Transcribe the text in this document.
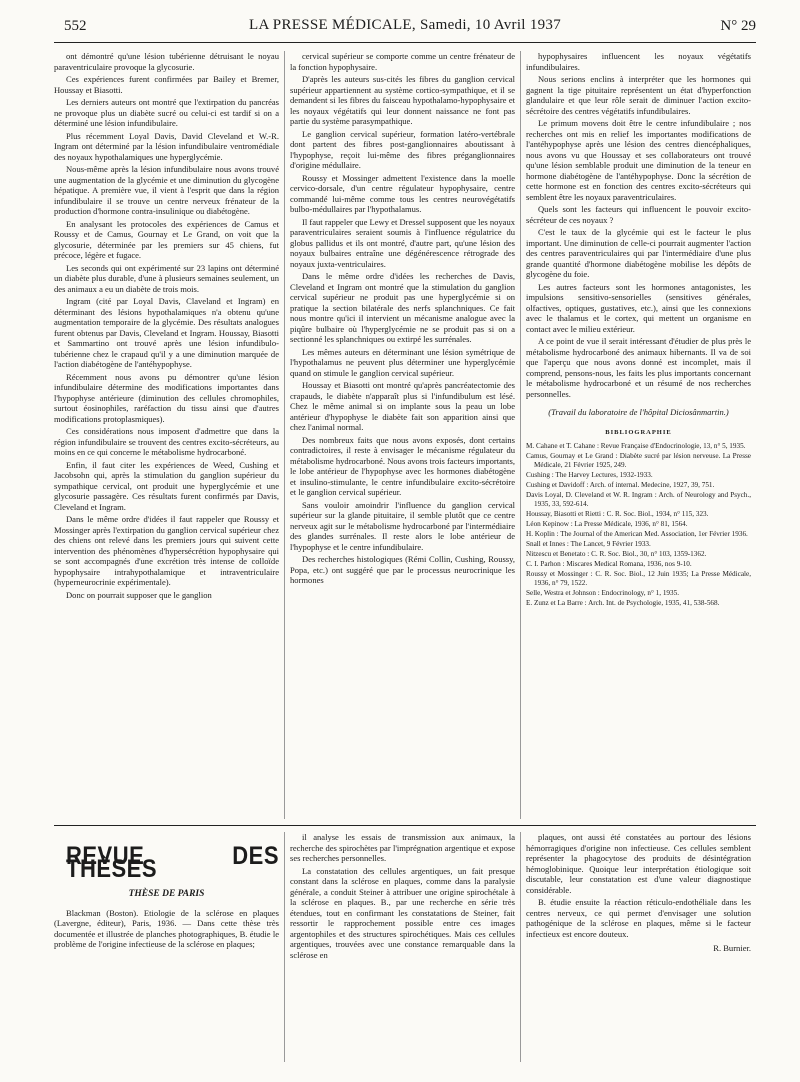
552	LA PRESSE MÉDICALE, Samedi, 10 Avril 1937	N° 29

ont démontré qu'une lésion tubérienne détruisant le noyau paraventriculaire provoque la glycosurie.

Ces expériences furent confirmées par Bailey et Bremer, Houssay et Biasotti.

Les derniers auteurs ont montré que l'extirpation du pancréas ne provoque plus un diabète sucré ou celui-ci est tardif si on a déterminé une lésion infundibulaire.

Plus récemment Loyal Davis, David Cleveland et W.-R. Ingram ont déterminé par la lésion infundibulaire ventromédiale des noyaux hypothalamiques une hyperglycémie.

Nous-même après la lésion infundibulaire nous avons trouvé une augmentation de la glycémie et une diminution du glycogène hépatique. A première vue, il vient à l'esprit que dans la région infundibulaire il se trouve un centre nerveux frénateur de la production d'hormone contra-insulinique ou diabétogène.

En analysant les protocoles des expériences de Camus et Roussy et de Camus, Gournay et Le Grand, on voit que la glycosurie, déterminée par les premiers sur 45 chiens, fut précoce, légère et fugace.

Les seconds qui ont expérimenté sur 23 lapins ont déterminé un diabète plus durable, d'une à plusieurs semaines seulement, un des animaux a eu un diabète de trois mois.

Ingram (cité par Loyal Davis, Claveland et Ingram) en déterminant des lésions hypothalamiques n'a obtenu qu'une augmentation temporaire de la glycémie. Des résultats analogues furent obtenus par Davis, Cleveland et Ingram. Houssay, Biasotti et Sammartino ont trouvé après une lésion infundibulo-tubérienne chez le crapaud qu'il y a une diminution marquée de l'action diabétogène de l'antéhypophyse.

Récemment nous avons pu démontrer qu'une lésion infundibulaire détermine des modifications importantes dans l'hypophyse antérieure (diminution des cellules chromophiles, surtout éosinophiles, raréfaction du tissu ainsi que d'autres modifications protoplasmiques).

Ces considérations nous imposent d'admettre que dans la région infundibulaire se trouvent des centres excito-sécréteurs, au moins en ce qui concerne le métabolisme hydrocarboné.

Enfin, il faut citer les expériences de Weed, Cushing et Jacobsohn qui, après la stimulation du ganglion supérieur du sympathique cervical, ont produit une hyperglycémie et une glycosurie passagère. Ces résultats furent confirmés par Davis, Cleveland et Ingram.

Dans le même ordre d'idées il faut rappeler que Roussy et Mossinger après l'extirpation du ganglion cervical supérieur chez des chiens ont relevé dans les premiers jours qui suivent cette intervention des phénomènes d'hypersécrétion hypophysaire qui se sont accompagnés d'une excrétion très intense de colloïde hypophysaire intrahypothalamique et intraventriculaire (hyperneurocrinie expérimentale).

Donc on pourrait supposer que le ganglion

cervical supérieur se comporte comme un centre frénateur de la fonction hypophysaire.

D'après les auteurs sus-cités les fibres du ganglion cervical supérieur appartiennent au système cortico-sympathique, et il se demandent si les fibres du faisceau hypothalamo-hypophysaire et les noyaux végétatifs qui leur donnent naissance ne font pas partie du système parasympathique.

Le ganglion cervical supérieur, formation latéro-vertébrale dont partent des fibres post-ganglionnaires aboutissant à l'hypophyse, reçoit lui-même des fibres préganglionnaires d'origine médullaire.

Roussy et Mossinger admettent l'existence dans la moelle cervico-dorsale, d'un centre régulateur hypophysaire, centre commandé lui-même comme tous les centres neurovégétatifs bulbo-médullaires par l'hypothalamus.

Il faut rappeler que Lewy et Dressel supposent que les noyaux paraventriculaires seraient soumis à l'influence régulatrice du globus pallidus et ils ont montré, d'autre part, qu'une lésion des noyaux bulbaires entraîne une dégénérescence rétrograde des noyaux juxta-ventriculaires.

Dans le même ordre d'idées les recherches de Davis, Cleveland et Ingram ont montré que la stimulation du ganglion cervical supérieur ne produit pas une hyperglycémie si on pratique la section bilatérale des nerfs splanchniques. Ce fait nous montre qu'ici il intervient un mécanisme analogue avec la piqûre bulbaire où l'hyperglycémie ne se produit pas si on a sectionné les splanchniques ou extirpé les surrénales.

Les mêmes auteurs en déterminant une lésion symétrique de l'hypothalamus ne peuvent plus déterminer une hyperglycémie quand on stimule le ganglion cervical supérieur.

Houssay et Biasotti ont montré qu'après pancréatectomie des crapauds, le diabète n'apparaît plus si l'infundibulum est lésé. Chez le même animal si on implante sous la peau un lobe antérieur d'hypophyse le diabète fait son apparition ainsi que chez l'animal normal.

Des nombreux faits que nous avons exposés, dont certains contradictoires, il reste à envisager le mécanisme régulateur du métabolisme hydrocarboné. Nous avons trois facteurs importants, le lobe antérieur de l'hypophyse avec les hormones diabétogène et insulino-stimulante, le centre infundibulaire excito-sécrétoire et le ganglion cervical supérieur.

Sans vouloir amoindrir l'influence du ganglion cervical supérieur sur la glande pituitaire, il semble plutôt que ce centre nerveux agit sur le métabolisme hydrocarboné par l'intermédiaire des glandes surrénales. Il reste alors le lobe antérieur de l'hypophyse et le centre infundibulaire.

Des recherches histologiques (Rémi Collin, Cushing, Roussy, Popa, etc.) ont suggéré que par le processus neurocrinique les hormones

hypophysaires influencent les noyaux végétatifs infundibulaires.

Nous serions enclins à interpréter que les hormones qui gagnent la tige pituitaire représentent un état d'hyperfonction glandulaire et que leur rôle serait de diminuer l'action excito-sécrétoire des centres végétatifs infundibulaires.

Le primum movens doit être le centre infundibulaire ; nos recherches ont mis en relief les importantes modifications de l'antéhypophyse après une lésion des centres diencéphaliques, nous avons vu que Houssay et ses collaborateurs ont trouvé qu'une lésion semblable produit une diminution de la teneur en hormone diabétogène de l'antéhypophyse. Donc la sécrétion de cette hormone est en fonction des centres excito-sécréteurs qui semblent être les noyaux paraventriculaires.

Quels sont les facteurs qui influencent le pouvoir excito-sécréteur de ces noyaux ?

C'est le taux de la glycémie qui est le facteur le plus important. Une diminution de celle-ci pourrait augmenter l'action des centres paraventriculaires qui par l'intermédiaire d'une plus grande quantité d'hormone diabétogène mobilise les dépôts de glycogène du foie.

Les autres facteurs sont les hormones antagonistes, les impulsions sensitivo-sensorielles (sensitives générales, olfactives, optiques, gustatives, etc.), ainsi que les connexions avec le thalamus et le cortex, qui mettent un organisme en contact avec le milieu extérieur.

A ce point de vue il serait intéressant d'étudier de plus près le métabolisme hydrocarboné des animaux hibernants. Il va de soi que l'aperçu que nous avons donné est incomplet, mais il comprend, pensons-nous, les faits les plus importants concernant le métabolisme hydrocarboné et un résumé de nos recherches personnelles.

(Travail du laboratoire de l'hôpital Diciosânmartin.)
BIBLIOGRAPHIE
M. Cahane et T. Cahane : Revue Française d'Endocrinologie, 13, n° 5, 1935.
Camus, Gournay et Le Grand : Diabète sucré par lésion nerveuse. La Presse Médicale, 21 Février 1925, 249.
Cushing : The Harvey Lectures, 1932-1933.
Cushing et Davidoff : Arch. of internal. Medecine, 1927, 39, 751.
Davis Loyal, D. Cleveland et W. R. Ingram : Arch. of Neurology and Psych., 1935, 33, 592-614.
Houssay, Biasotti et Rietti : C. R. Soc. Biol., 1934, n° 115, 323.
Léon Kepinow : La Presse Médicale, 1936, n° 81, 1564.
H. Koplin : The Journal of the American Med. Association, 1er Février 1936.
Snall et Innes : The Lancet, 9 Février 1933.
Nitzescu et Benetato : C. R. Soc. Biol., 30, n° 103, 1359-1362.
C. I. Parhon : Miscares Medical Romana, 1936, nos 9-10.
Roussy et Mossinger : C. R. Soc. Biol., 12 Juin 1935; La Presse Médicale, 1936, n° 79, 1522.
Selle, Westra et Johnson : Endocrinology, n° 1, 1935.
E. Zunz et La Barre : Arch. Int. de Psychologie, 1935, 41, 538-568.
REVUE DES THÈSES
THÈSE DE PARIS

Blackman (Boston). Etiologie de la sclérose en plaques (Lavergne, éditeur), Paris, 1936. — Dans cette thèse très documentée et illustrée de planches photographiques, B. étudie le problème de l'origine infectieuse de la sclérose en plaques;

il analyse les essais de transmission aux animaux, la recherche des spirochètes par l'imprégnation argentique et expose ses recherches personnelles.

La constatation des cellules argentiques, un fait presque constant dans la sclérose en plaques, comme dans la paralysie générale, a conduit Steiner à attribuer une origine spirochétale à la sclérose en plaques. B., par une recherche en série très étendues, tout en confirmant les constatations de Steiner, fait ressortir le rapprochement possible entre ces images argentophiles et des structures spirochétiques. Mais ces cellules argentiques, trouvées avec une constance remarquable dans la sclérose en

plaques, ont aussi été constatées au portour des lésions hémorragiques d'origine non infectieuse. Ces cellules semblent représenter la phagocytose des produits de désintégration hémoglobinique. Quoique leur interprétation étiologique soit discutable, leur constatation est d'une valeur diagnostique considérable.

B. étudie ensuite la réaction réticulo-endothéliale dans les centres nerveux, ce qui permet d'envisager une solution pathogénique de la sclérose en plaques, même si le facteur infectieux est encore douteux.

R. Burnier.
